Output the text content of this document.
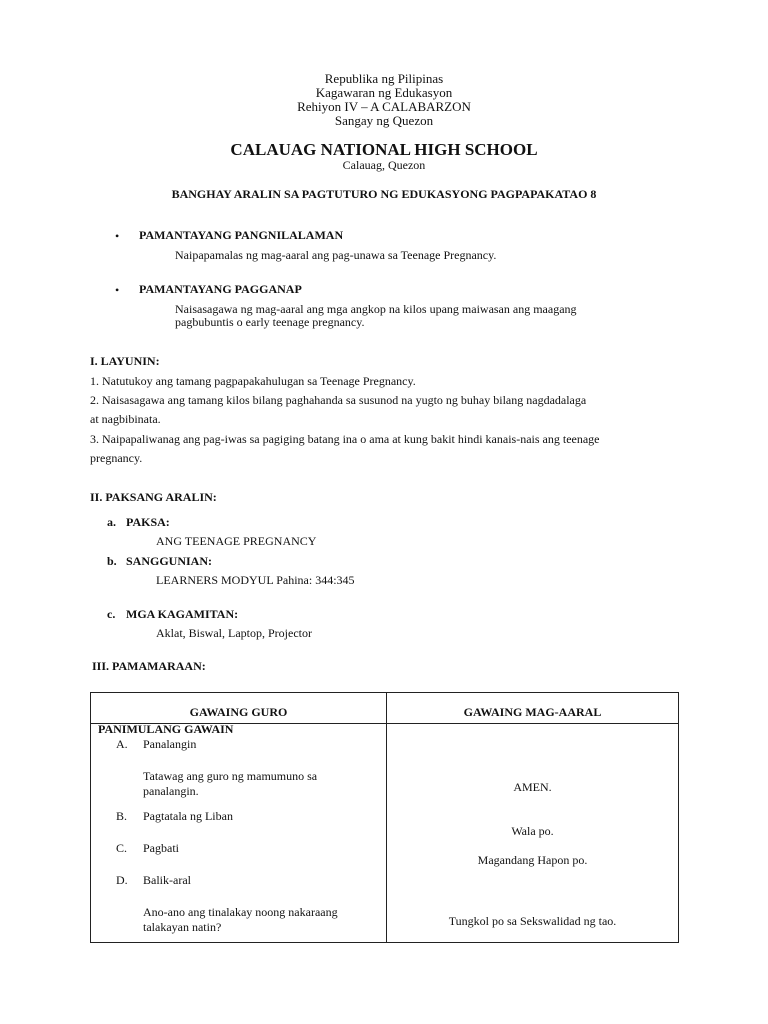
Republika ng Pilipinas
Kagawaran ng Edukasyon
Rehiyon IV – A CALABARZON
Sangay ng Quezon
CALAUAG NATIONAL HIGH SCHOOL
Calauag, Quezon
BANGHAY ARALIN SA PAGTUTURO NG EDUKASYONG PAGPAPAKATAO 8
• PAMANTAYANG PANGNILALAMAN
Naipapamalas ng mag-aaral ang pag-unawa sa Teenage Pregnancy.
• PAMANTAYANG PAGGANAP
Naisasagawa ng mag-aaral ang mga angkop na kilos upang maiwasan ang maagang
pagbubuntis o early teenage pregnancy.
I. LAYUNIN:
1. Natutukoy ang tamang pagpapakahulugan sa Teenage Pregnancy.
2. Naisasagawa ang tamang kilos bilang paghahanda sa susunod na yugto ng buhay bilang nagdadalaga
at nagbibinata.
3. Naipapaliwanag ang pag-iwas sa pagiging batang ina o ama at kung bakit hindi kanais-nais ang teenage
pregnancy.
II. PAKSANG ARALIN:
a. PAKSA:
ANG TEENAGE PREGNANCY
b. SANGGUNIAN:
LEARNERS MODYUL Pahina: 344:345
c. MGA KAGAMITAN:
Aklat, Biswal, Laptop, Projector
III. PAMAMARAAN:
GAWAING GURO	GAWAING MAG-AARAL
PANIMULANG GAWAIN
A. Panalangin
Tatawag ang guro ng mamumuno sa
panalangin.
B. Pagtatala ng Liban
C. Pagbati
D. Balik-aral
Ano-ano ang tinalakay noong nakaraang
talakayan natin?
AMEN.
Wala po.
Magandang Hapon po.
Tungkol po sa Sekswalidad ng tao.
